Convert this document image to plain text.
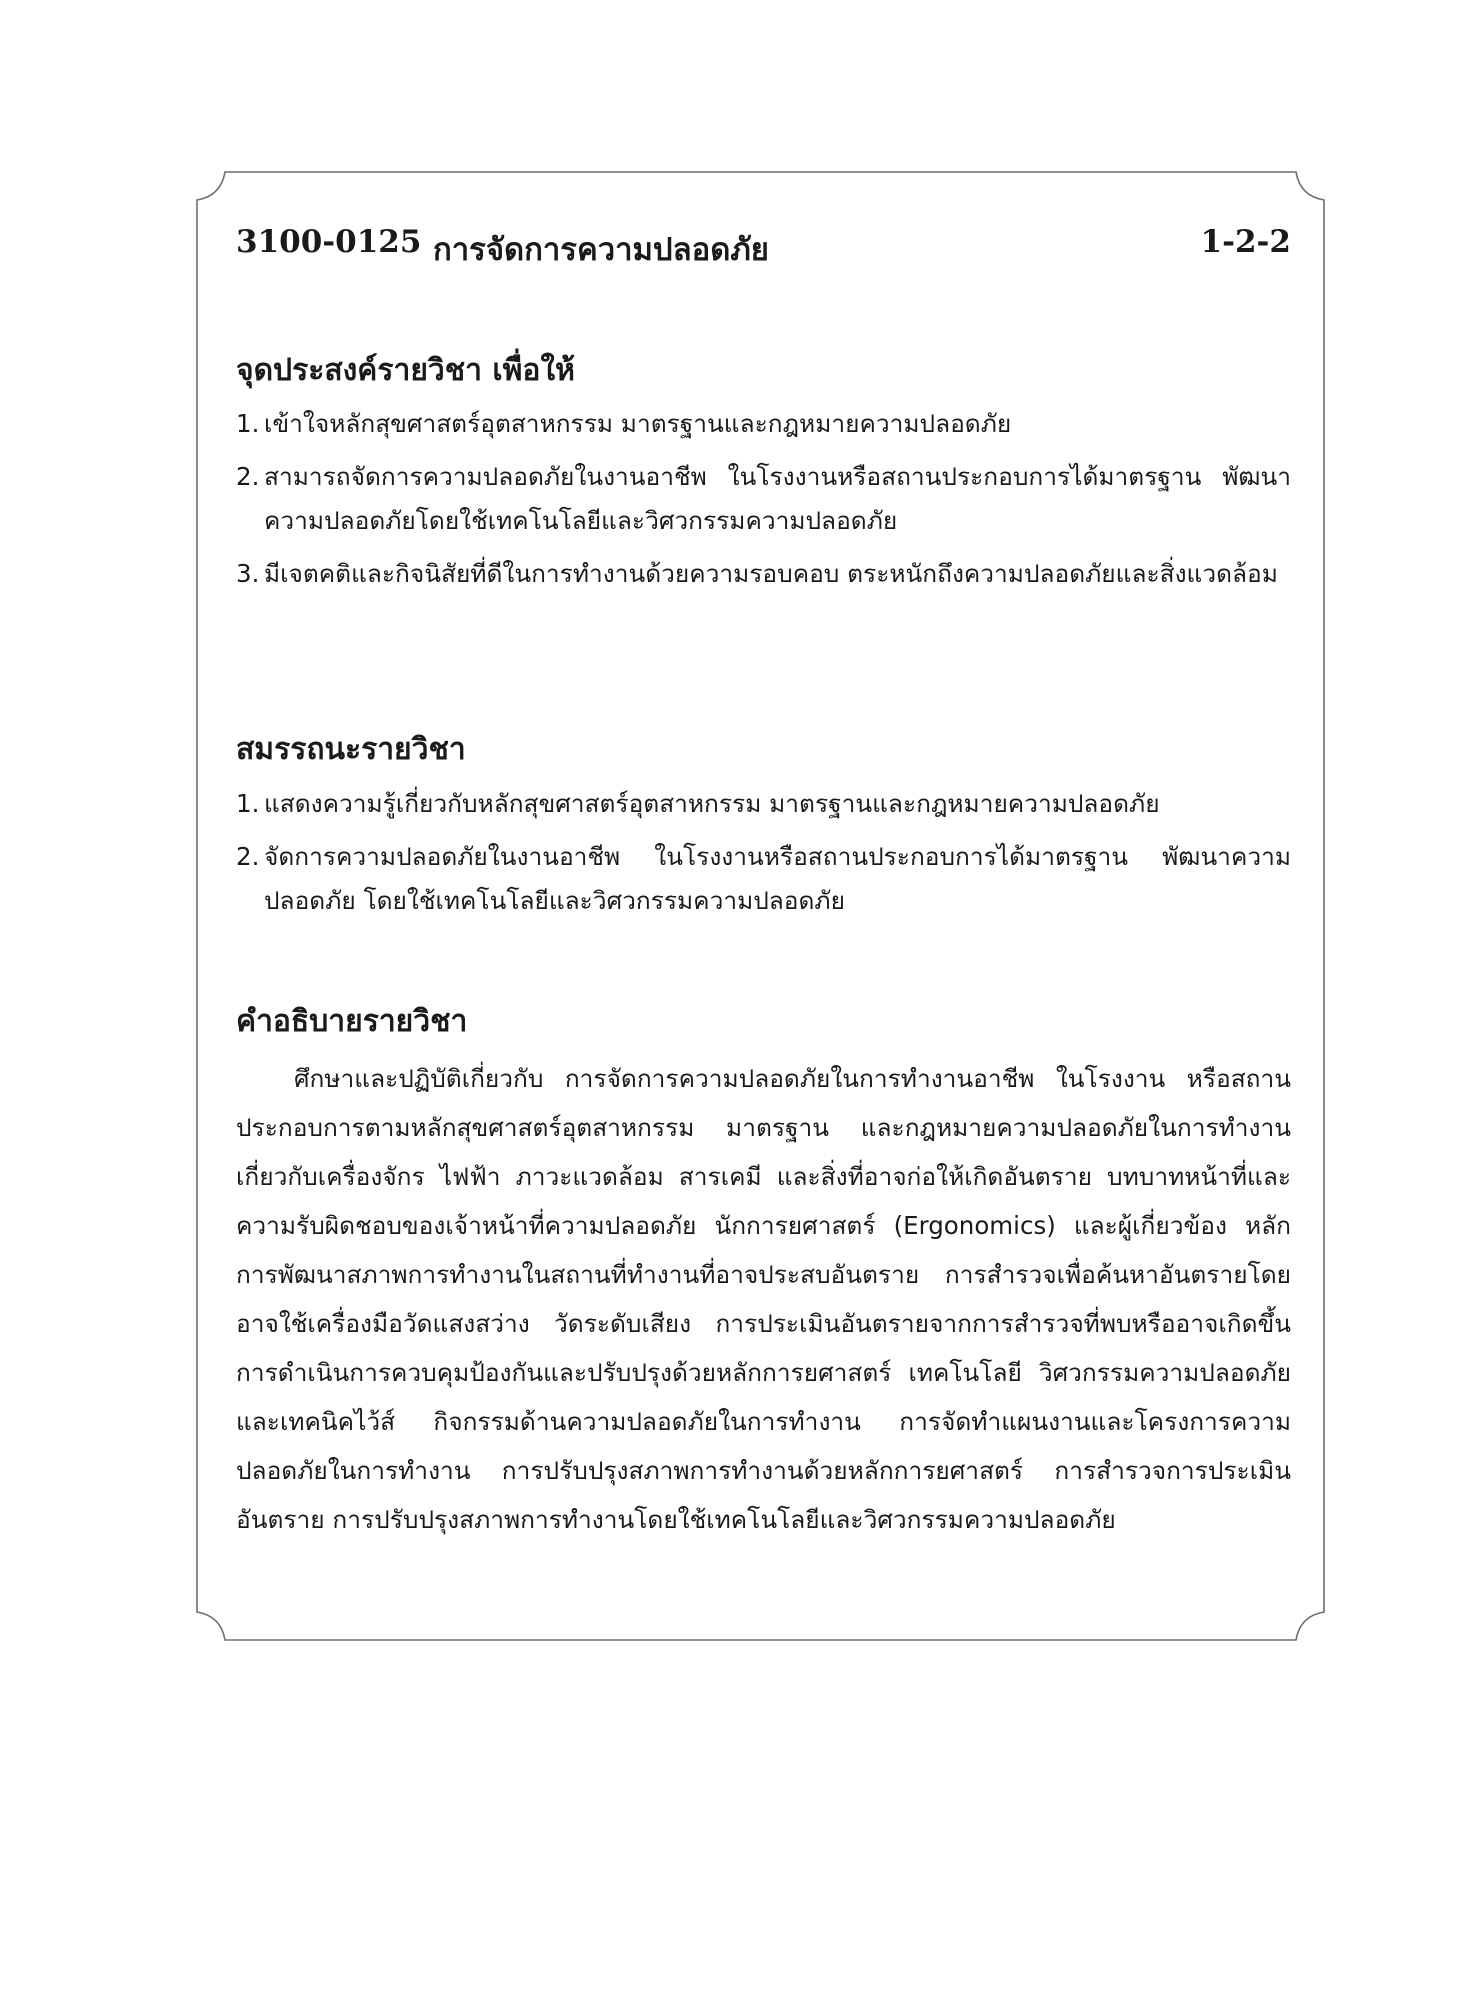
3100-0125 การจัดการความปลอดภัย	1-2-2
จุดประสงค์รายวิชา เพื่อให้
1. เข้าใจหลักสุขศาสตร์อุตสาหกรรม มาตรฐานและกฎหมายความปลอดภัย
2. สามารถจัดการความปลอดภัยในงานอาชีพ ในโรงงานหรือสถานประกอบการได้มาตรฐาน พัฒนาความปลอดภัยโดยใช้เทคโนโลยีและวิศวกรรมความปลอดภัย
3. มีเจตคติและกิจนิสัยที่ดีในการทำงานด้วยความรอบคอบ ตระหนักถึงความปลอดภัยและสิ่งแวดล้อม
สมรรถนะรายวิชา
1. แสดงความรู้เกี่ยวกับหลักสุขศาสตร์อุตสาหกรรม มาตรฐานและกฎหมายความปลอดภัย
2. จัดการความปลอดภัยในงานอาชีพ ในโรงงานหรือสถานประกอบการได้มาตรฐาน พัฒนาความปลอดภัย โดยใช้เทคโนโลยีและวิศวกรรมความปลอดภัย
คำอธิบายรายวิชา

ศึกษาและปฏิบัติเกี่ยวกับ การจัดการความปลอดภัยในการทำงานอาชีพ ในโรงงาน หรือสถานประกอบการตามหลักสุขศาสตร์อุตสาหกรรม มาตรฐาน และกฎหมายความปลอดภัยในการทำงานเกี่ยวกับเครื่องจักร ไฟฟ้า ภาวะแวดล้อม สารเคมี และสิ่งที่อาจก่อให้เกิดอันตราย บทบาทหน้าที่และความรับผิดชอบของเจ้าหน้าที่ความปลอดภัย นักการยศาสตร์ (Ergonomics) และผู้เกี่ยวข้อง หลักการพัฒนาสภาพการทำงานในสถานที่ทำงานที่อาจประสบอันตราย การสำรวจเพื่อค้นหาอันตรายโดยอาจใช้เครื่องมือวัดแสงสว่าง วัดระดับเสียง การประเมินอันตรายจากการสำรวจที่พบหรืออาจเกิดขึ้น การดำเนินการควบคุมป้องกันและปรับปรุงด้วยหลักการยศาสตร์ เทคโนโลยี วิศวกรรมความปลอดภัยและเทคนิคไว้ส์ กิจกรรมด้านความปลอดภัยในการทำงาน การจัดทำแผนงานและโครงการความปลอดภัยในการทำงาน การปรับปรุงสภาพการทำงานด้วยหลักการยศาสตร์ การสำรวจการประเมินอันตราย การปรับปรุงสภาพการทำงานโดยใช้เทคโนโลยีและวิศวกรรมความปลอดภัย
